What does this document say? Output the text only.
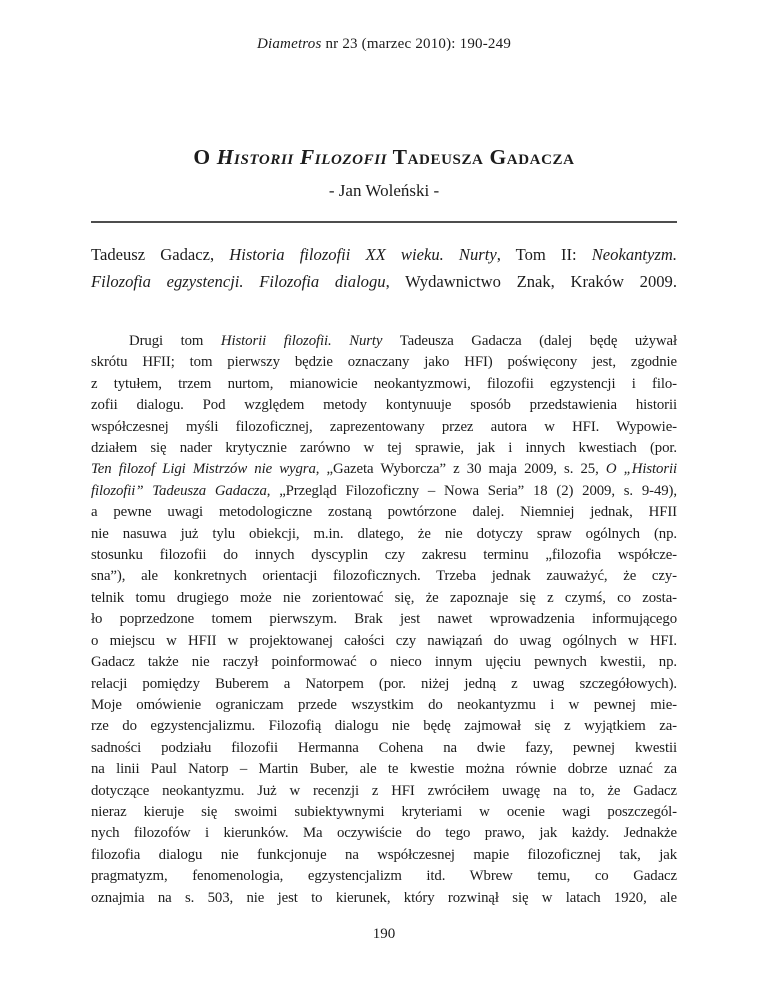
Diametros nr 23 (marzec 2010): 190-249
O Historii Filozofii Tadeusza Gadacza
- Jan Woleński -
Tadeusz Gadacz, Historia filozofii XX wieku. Nurty, Tom II: Neokantyzm.
Filozofia egzystencji. Filozofia dialogu, Wydawnictwo Znak, Kraków 2009.
Drugi tom Historii filozofii. Nurty Tadeusza Gadacza (dalej będę używał
skrótu HFII; tom pierwszy będzie oznaczany jako HFI) poświęcony jest, zgodnie
z tytułem, trzem nurtom, mianowicie neokantyzmowi, filozofii egzystencji i filo-
zofii dialogu. Pod względem metody kontynuuje sposób przedstawienia historii
współczesnej myśli filozoficznej, zaprezentowany przez autora w HFI. Wypowie-
działem się nader krytycznie zarówno w tej sprawie, jak i innych kwestiach (por.
Ten filozof Ligi Mistrzów nie wygra, „Gazeta Wyborcza” z 30 maja 2009, s. 25, O „Historii
filozofii” Tadeusza Gadacza, „Przegląd Filozoficzny – Nowa Seria” 18 (2) 2009, s. 9-49),
a pewne uwagi metodologiczne zostaną powtórzone dalej. Niemniej jednak, HFII
nie nasuwa już tylu obiekcji, m.in. dlatego, że nie dotyczy spraw ogólnych (np.
stosunku filozofii do innych dyscyplin czy zakresu terminu „filozofia współcze-
sna”), ale konkretnych orientacji filozoficznych. Trzeba jednak zauważyć, że czy-
telnik tomu drugiego może nie zorientować się, że zapoznaje się z czymś, co zosta-
ło poprzedzone tomem pierwszym. Brak jest nawet wprowadzenia informującego
o miejscu w HFII w projektowanej całości czy nawiązań do uwag ogólnych w HFI.
Gadacz także nie raczył poinformować o nieco innym ujęciu pewnych kwestii, np.
relacji pomiędzy Buberem a Natorpem (por. niżej jedną z uwag szczegółowych).
Moje omówienie ograniczam przede wszystkim do neokantyzmu i w pewnej mie-
rze do egzystencjalizmu. Filozofią dialogu nie będę zajmował się z wyjątkiem za-
sadności podziału filozofii Hermanna Cohena na dwie fazy, pewnej kwestii
na linii Paul Natorp – Martin Buber, ale te kwestie można równie dobrze uznać za
dotyczące neokantyzmu. Już w recenzji z HFI zwróciłem uwagę na to, że Gadacz
nieraz kieruje się swoimi subiektywnymi kryteriami w ocenie wagi poszczegól-
nych filozofów i kierunków. Ma oczywiście do tego prawo, jak każdy. Jednakże
filozofia dialogu nie funkcjonuje na współczesnej mapie filozoficznej tak, jak
pragmatyzm, fenomenologia, egzystencjalizm itd. Wbrew temu, co Gadacz
oznajmia na s. 503, nie jest to kierunek, który rozwinął się w latach 1920, ale
190
